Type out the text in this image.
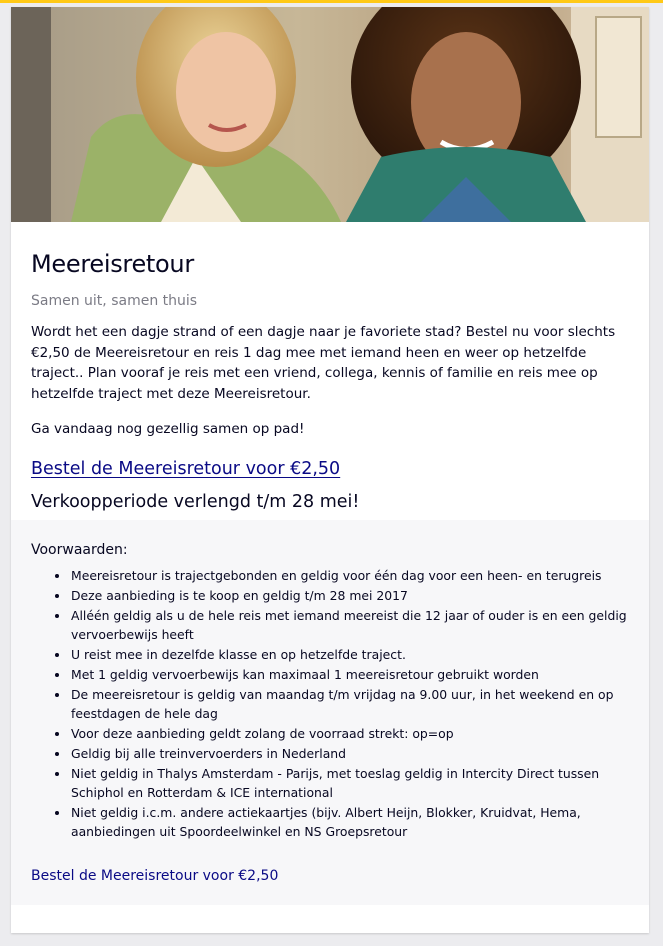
Meereisretour
Samen uit, samen thuis
Wordt het een dagje strand of een dagje naar je favoriete stad? Bestel nu voor slechts €2,50 de Meereisretour en reis 1 dag mee met iemand heen en weer op hetzelfde traject.. Plan vooraf je reis met een vriend, collega, kennis of familie en reis mee op hetzelfde traject met deze Meereisretour.
Ga vandaag nog gezellig samen op pad!
Bestel de Meereisretour voor €2,50
Verkoopperiode verlengd t/m 28 mei!
Voorwaarden:
• Meereisretour is trajectgebonden en geldig voor één dag voor een heen- en terugreis
• Deze aanbieding is te koop en geldig t/m 28 mei 2017
• Alléén geldig als u de hele reis met iemand meereist die 12 jaar of ouder is en een geldig vervoerbewijs heeft
• U reist mee in dezelfde klasse en op hetzelfde traject.
• Met 1 geldig vervoerbewijs kan maximaal 1 meereisretour gebruikt worden
• De meereisretour is geldig van maandag t/m vrijdag na 9.00 uur, in het weekend en op feestdagen de hele dag
• Voor deze aanbieding geldt zolang de voorraad strekt: op=op
• Geldig bij alle treinvervoerders in Nederland
• Niet geldig in Thalys Amsterdam - Parijs, met toeslag geldig in Intercity Direct tussen Schiphol en Rotterdam & ICE international
• Niet geldig i.c.m. andere actiekaartjes (bijv. Albert Heijn, Blokker, Kruidvat, Hema, aanbiedingen uit Spoordeelwinkel en NS Groepsretour
Bestel de Meereisretour voor €2,50
